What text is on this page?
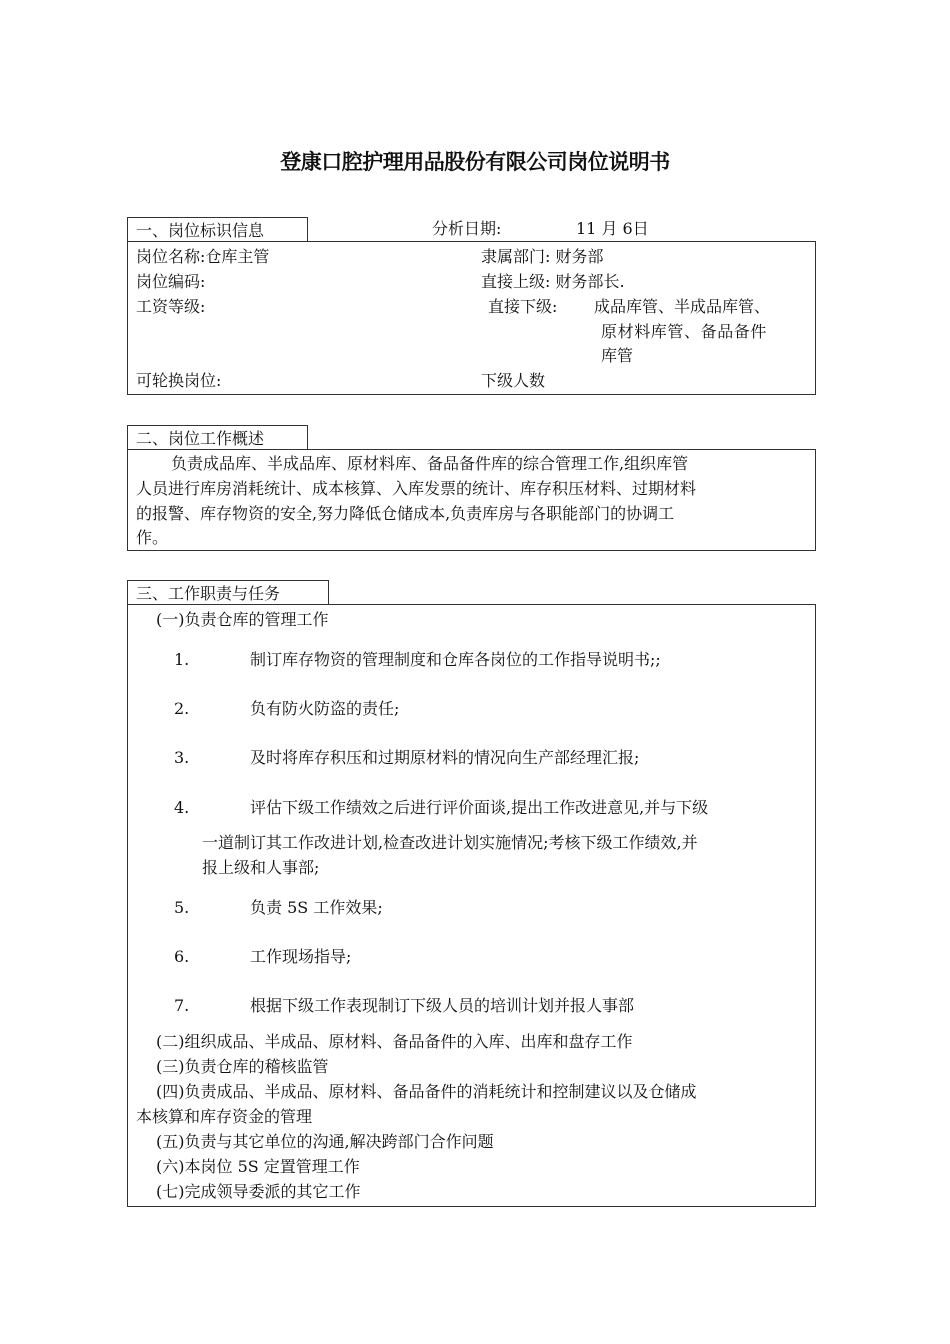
登康口腔护理用品股份有限公司岗位说明书
一、岗位标识信息	分析日期:	11 月 6日
岗位名称:仓库主管	隶属部门: 财务部
岗位编码:	直接上级: 财务部长.
工资等级:	直接下级: 成品库管、半成品库管、
原材料库管、备品备件
库管
可轮换岗位:	下级人数
二、岗位工作概述
负责成品库、半成品库、原材料库、备品备件库的综合管理工作,组织库管
人员进行库房消耗统计、成本核算、入库发票的统计、库存积压材料、过期材料
的报警、库存物资的安全,努力降低仓储成本,负责库房与各职能部门的协调工
作。
三、工作职责与任务
(一)负责仓库的管理工作
1.	制订库存物资的管理制度和仓库各岗位的工作指导说明书;;
2.	负有防火防盗的责任;
3.	及时将库存积压和过期原材料的情况向生产部经理汇报;
4.	评估下级工作绩效之后进行评价面谈,提出工作改进意见,并与下级
一道制订其工作改进计划,检查改进计划实施情况;考核下级工作绩效,并
报上级和人事部;
5.	负责 5S 工作效果;
6.	工作现场指导;
7.	根据下级工作表现制订下级人员的培训计划并报人事部
(二)组织成品、半成品、原材料、备品备件的入库、出库和盘存工作
(三)负责仓库的稽核监管
(四)负责成品、半成品、原材料、备品备件的消耗统计和控制建议以及仓储成
本核算和库存资金的管理
(五)负责与其它单位的沟通,解决跨部门合作问题
(六)本岗位 5S 定置管理工作
(七)完成领导委派的其它工作
